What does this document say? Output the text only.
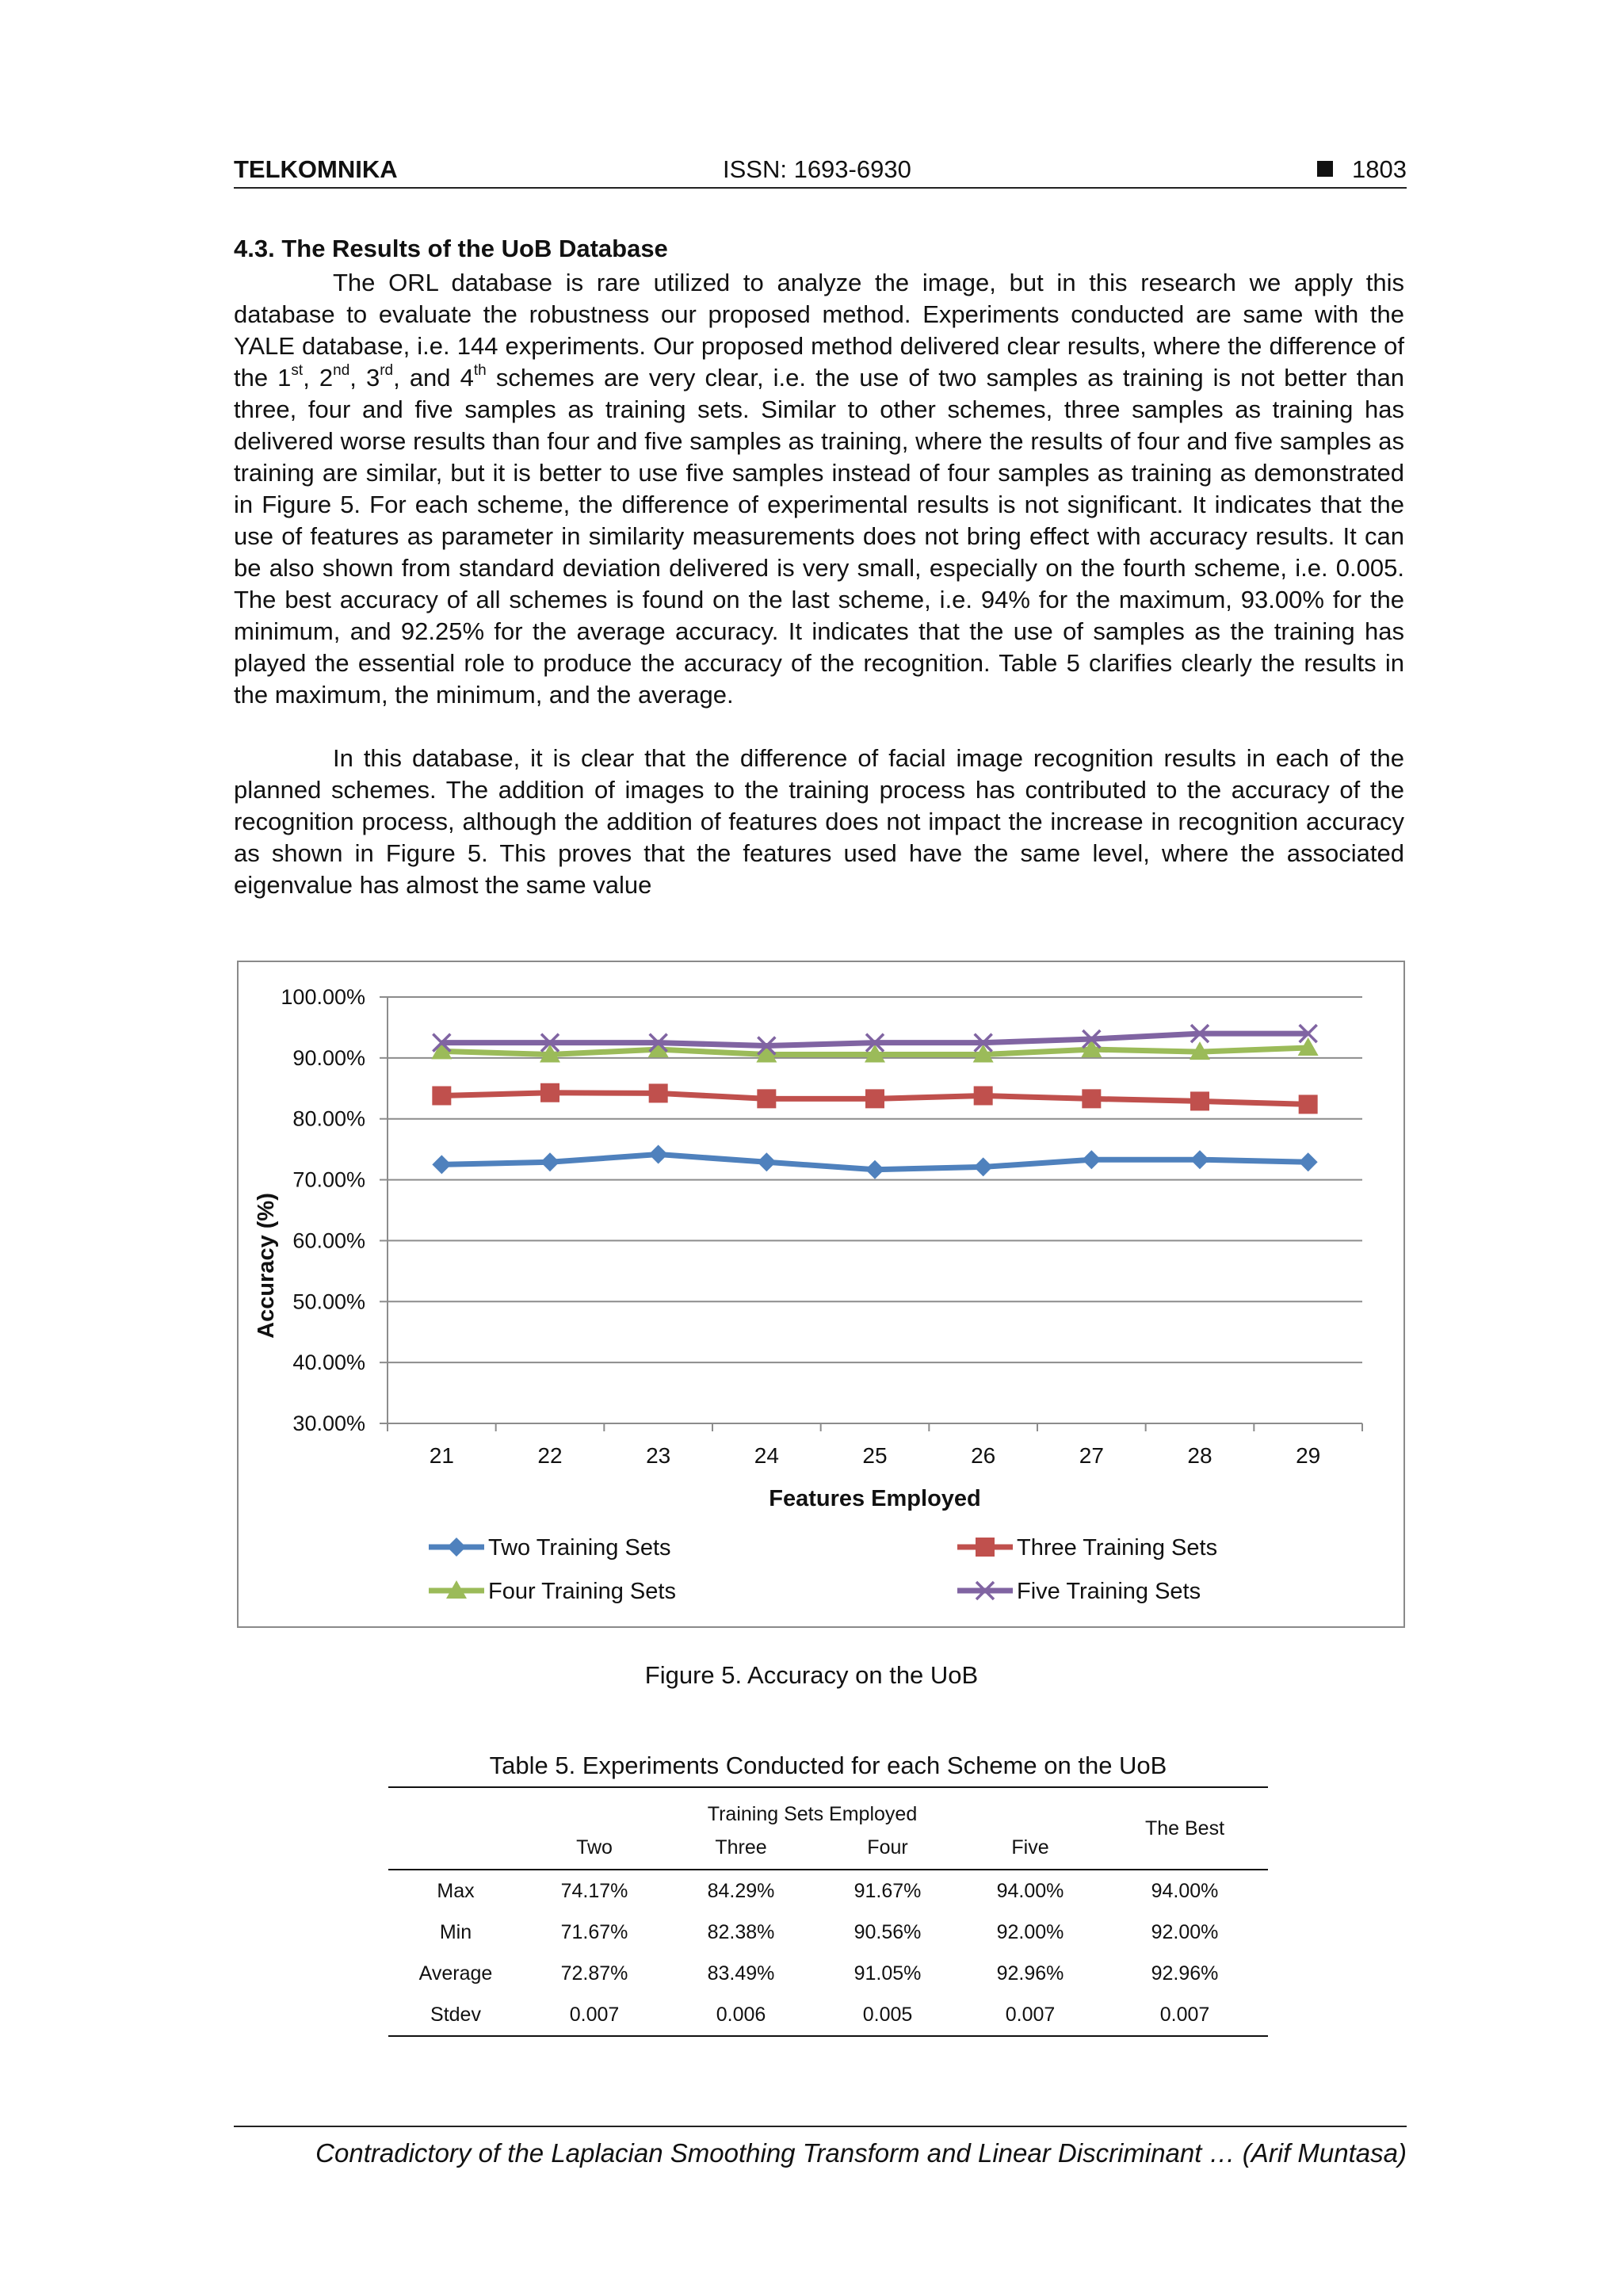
TELKOMNIKA	ISSN: 1693-6930	1803
4.3. The Results of the UoB Database

The ORL database is rare utilized to analyze the image, but in this research we apply this database to evaluate the robustness our proposed method. Experiments conducted are same with the YALE database, i.e. 144 experiments. Our proposed method delivered clear results, where the difference of the 1st, 2nd, 3rd, and 4th schemes are very clear, i.e. the use of two samples as training is not better than three, four and five samples as training sets. Similar to other schemes, three samples as training has delivered worse results than four and five samples as training, where the results of four and five samples as training are similar, but it is better to use five samples instead of four samples as training as demonstrated in Figure 5. For each scheme, the difference of experimental results is not significant. It indicates that the use of features as parameter in similarity measurements does not bring effect with accuracy results. It can be also shown from standard deviation delivered is very small, especially on the fourth scheme, i.e. 0.005. The best accuracy of all schemes is found on the last scheme, i.e. 94% for the maximum, 93.00% for the minimum, and 92.25% for the average accuracy. It indicates that the use of samples as the training has played the essential role to produce the accuracy of the recognition. Table 5 clarifies clearly the results in the maximum, the minimum, and the average.

In this database, it is clear that the difference of facial image recognition results in each of the planned schemes. The addition of images to the training process has contributed to the accuracy of the recognition process, although the addition of features does not impact the increase in recognition accuracy as shown in Figure 5. This proves that the features used have the same level, where the associated eigenvalue has almost the same value

30.00%
40.00%
50.00%
60.00%
70.00%
80.00%
90.00%
100.00%
21	22	23	24	25	26	27	28	29
Features Employed
Accuracy (%)
Two Training Sets	Three Training Sets
Four Training Sets	Five Training Sets
Figure 5. Accuracy on the UoB
Table 5. Experiments Conducted for each Scheme on the UoB
	Training Sets Employed				The Best
	Two	Three	Four	Five	
Max	74.17%	84.29%	91.67%	94.00%	94.00%
Min	71.67%	82.38%	90.56%	92.00%	92.00%
Average	72.87%	83.49%	91.05%	92.96%	92.96%
Stdev	0.007	0.006	0.005	0.007	0.007
Contradictory of the Laplacian Smoothing Transform and Linear Discriminant … (Arif Muntasa)
